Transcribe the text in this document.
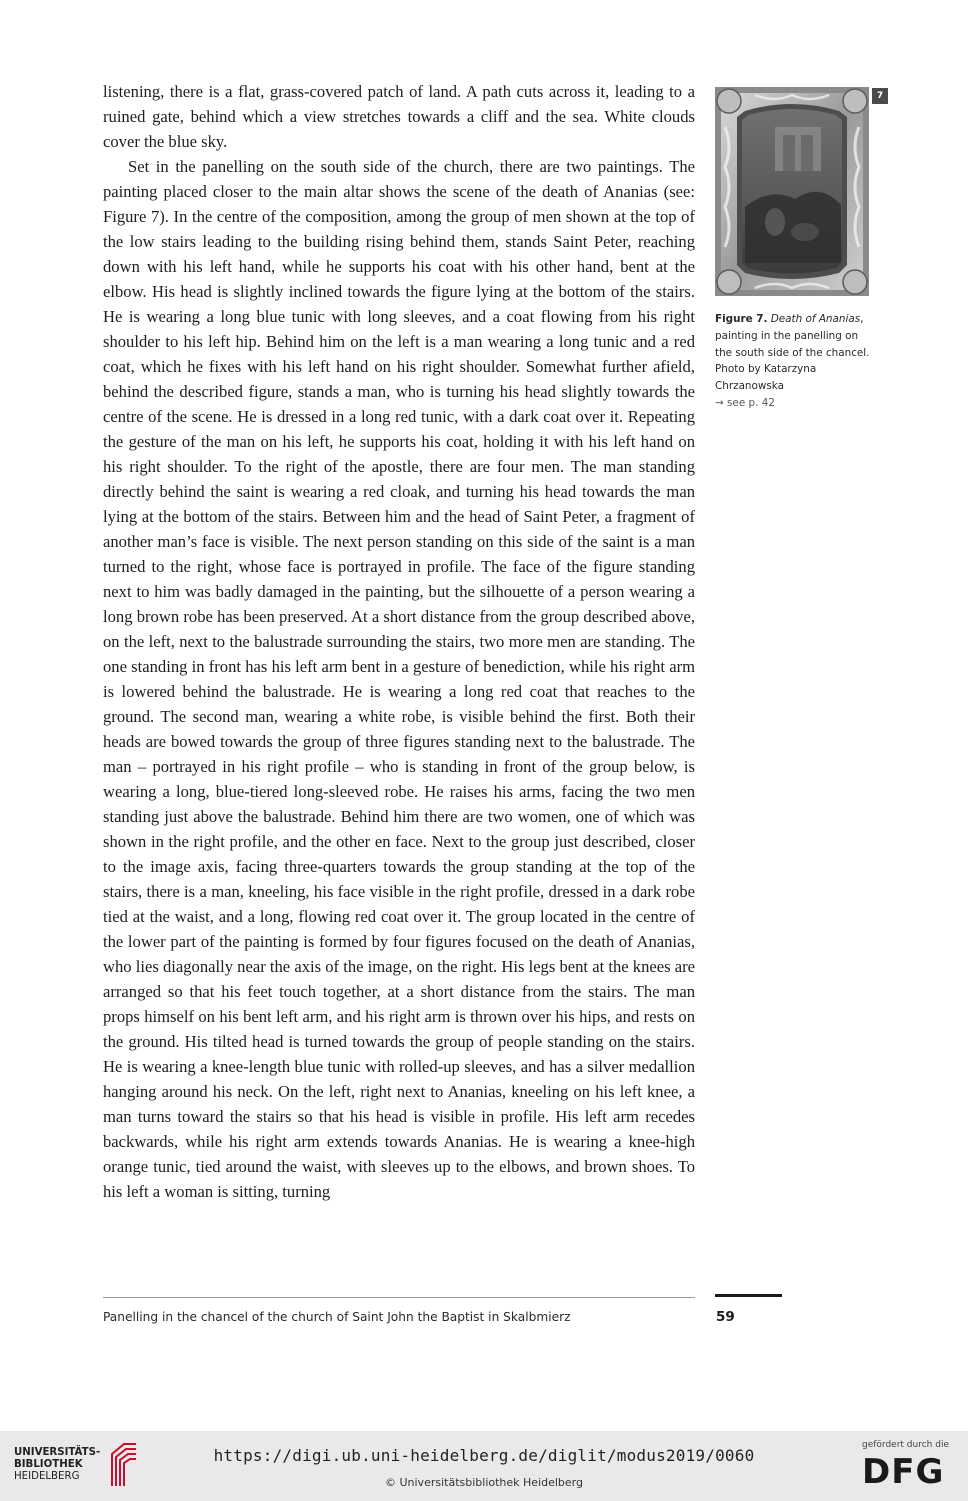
listening, there is a flat, grass-covered patch of land. A path cuts across it, leading to a ruined gate, behind which a view stretches towards a cliff and the sea. White clouds cover the blue sky.

Set in the panelling on the south side of the church, there are two paintings. The painting placed closer to the main altar shows the scene of the death of Ananias (see: Figure 7). In the centre of the composition, among the group of men shown at the top of the low stairs leading to the building rising behind them, stands Saint Peter, reaching down with his left hand, while he supports his coat with his other hand, bent at the elbow. His head is slightly inclined towards the figure lying at the bottom of the stairs. He is wearing a long blue tunic with long sleeves, and a coat flowing from his right shoulder to his left hip. Behind him on the left is a man wearing a long tunic and a red coat, which he fixes with his left hand on his right shoulder. Somewhat further afield, behind the described figure, stands a man, who is turning his head slightly towards the centre of the scene. He is dressed in a long red tunic, with a dark coat over it. Repeating the gesture of the man on his left, he supports his coat, holding it with his left hand on his right shoulder. To the right of the apostle, there are four men. The man standing directly behind the saint is wearing a red cloak, and turning his head towards the man lying at the bottom of the stairs. Between him and the head of Saint Peter, a fragment of another man’s face is visible. The next person standing on this side of the saint is a man turned to the right, whose face is portrayed in profile. The face of the figure standing next to him was badly damaged in the painting, but the silhouette of a person wearing a long brown robe has been preserved. At a short distance from the group described above, on the left, next to the balustrade surrounding the stairs, two more men are standing. The one standing in front has his left arm bent in a gesture of benediction, while his right arm is lowered behind the balustrade. He is wearing a long red coat that reaches to the ground. The second man, wearing a white robe, is visible behind the first. Both their heads are bowed towards the group of three figures standing next to the balustrade. The man – portrayed in his right profile – who is standing in front of the group below, is wearing a long, blue-tiered long-sleeved robe. He raises his arms, facing the two men standing just above the balustrade. Behind him there are two women, one of which was shown in the right profile, and the other en face. Next to the group just described, closer to the image axis, facing three-quarters towards the group standing at the top of the stairs, there is a man, kneeling, his face visible in the right profile, dressed in a dark robe tied at the waist, and a long, flowing red coat over it. The group located in the centre of the lower part of the painting is formed by four figures focused on the death of Ananias, who lies diagonally near the axis of the image, on the right. His legs bent at the knees are arranged so that his feet touch together, at a short distance from the stairs. The man props himself on his bent left arm, and his right arm is thrown over his hips, and rests on the ground. His tilted head is turned towards the group of people standing on the stairs. He is wearing a knee-length blue tunic with rolled-up sleeves, and has a silver medallion hanging around his neck. On the left, right next to Ananias, kneeling on his left knee, a man turns toward the stairs so that his head is visible in profile. His left arm recedes backwards, while his right arm extends towards Ananias. He is wearing a knee-high orange tunic, tied around the waist, with sleeves up to the elbows, and brown shoes. To his left a woman is sitting, turning

7
Figure 7. Death of Ananias, painting in the panelling on the south side of the chancel. Photo by Katarzyna Chrzanowska
→ see p. 42
Panelling in the chancel of the church of Saint John the Baptist in Skalbmierz	59
UNIVERSITÄTS-
BIBLIOTHEK
HEIDELBERG
https://digi.ub.uni-heidelberg.de/diglit/modus2019/0060
© Universitätsbibliothek Heidelberg
gefördert durch die
DFG
